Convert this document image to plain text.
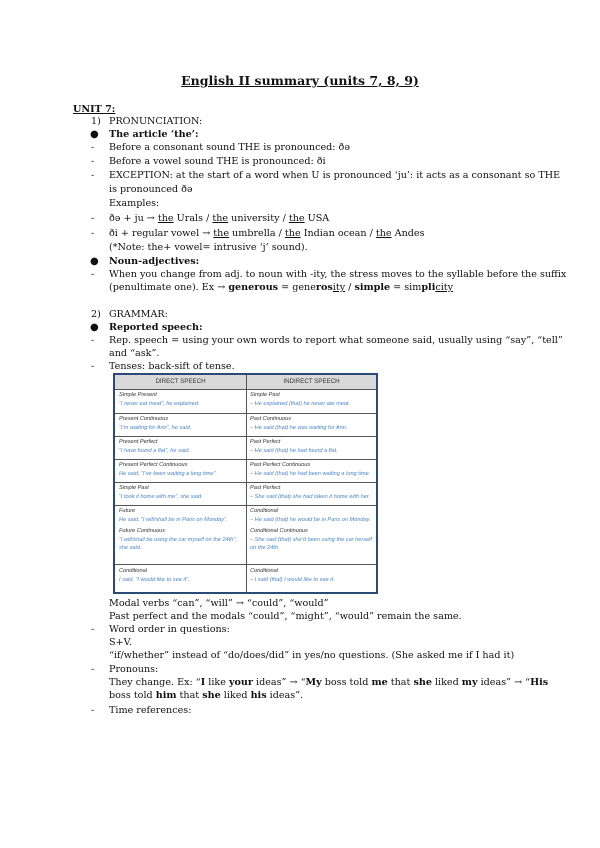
English II summary (units 7, 8, 9)
UNIT 7:
1) PRONUNCIATION:
● The article ‘the’:
- Before a consonant sound THE is pronounced: ðə
- Before a vowel sound THE is pronounced: ði
- EXCEPTION: at the start of a word when U is pronounced ‘ju’: it acts as a consonant so THE
is pronounced ðə
Examples:
- ðə + ju → the Urals / the university / the USA
- ði + regular vowel → the umbrella / the Indian ocean / the Andes
(*Note: the+ vowel= intrusive ‘j’ sound).
● Noun-adjectives:
- When you change from adj. to noun with -ity, the stress moves to the syllable before the suffix
(penultimate one). Ex → generous = generosity / simple = simplicity
2) GRAMMAR:
● Reported speech:
- Rep. speech = using your own words to report what someone said, usually using “say”, “tell”
and “ask”.
- Tenses: back-sift of tense.
DIRECT SPEECH	INDIRECT SPEECH
Simple Present
“I never eat meat”, he explained.
Simple Past
– He explained (that) he never ate meat.
Present Continuous
“I’m waiting for Ann”, he said.
Past Continuous
– He said (that) he was waiting for Ann.
Present Perfect
“I have found a flat”, he said.
Past Perfect
– He said (that) he had found a flat.
Present Perfect Continuous
He said, “I’ve been waiting a long time”.
Past Perfect Continuous
– He said (that) he had been waiting a long time.
Simple Past
“I took it home with me”, she said.
Past Perfect
– She said (that) she had taken it home with her.
Future
He said, “I will/shall be in Paris on Monday”.
Conditional
– He said (that) he would be in Paris on Monday.
Future Continuous
“I will/shall be using the car myself on the 24th”, she said.
Conditional Continuous
– She said (that) she’d been using the car herself on the 24th.
Conditional
I said, “I would like to see it”.
Conditional
– I said (that) I would like to see it.
Modal verbs “can”, “will” → “could”, “would”
Past perfect and the modals “could”, “might”, “would” remain the same.
- Word order in questions:
S+V.
“if/whether” instead of “do/does/did” in yes/no questions. (She asked me if I had it)
- Pronouns:
They change. Ex: “I like your ideas” → “My boss told me that she liked my ideas” → “His
boss told him that she liked his ideas”.
- Time references:
